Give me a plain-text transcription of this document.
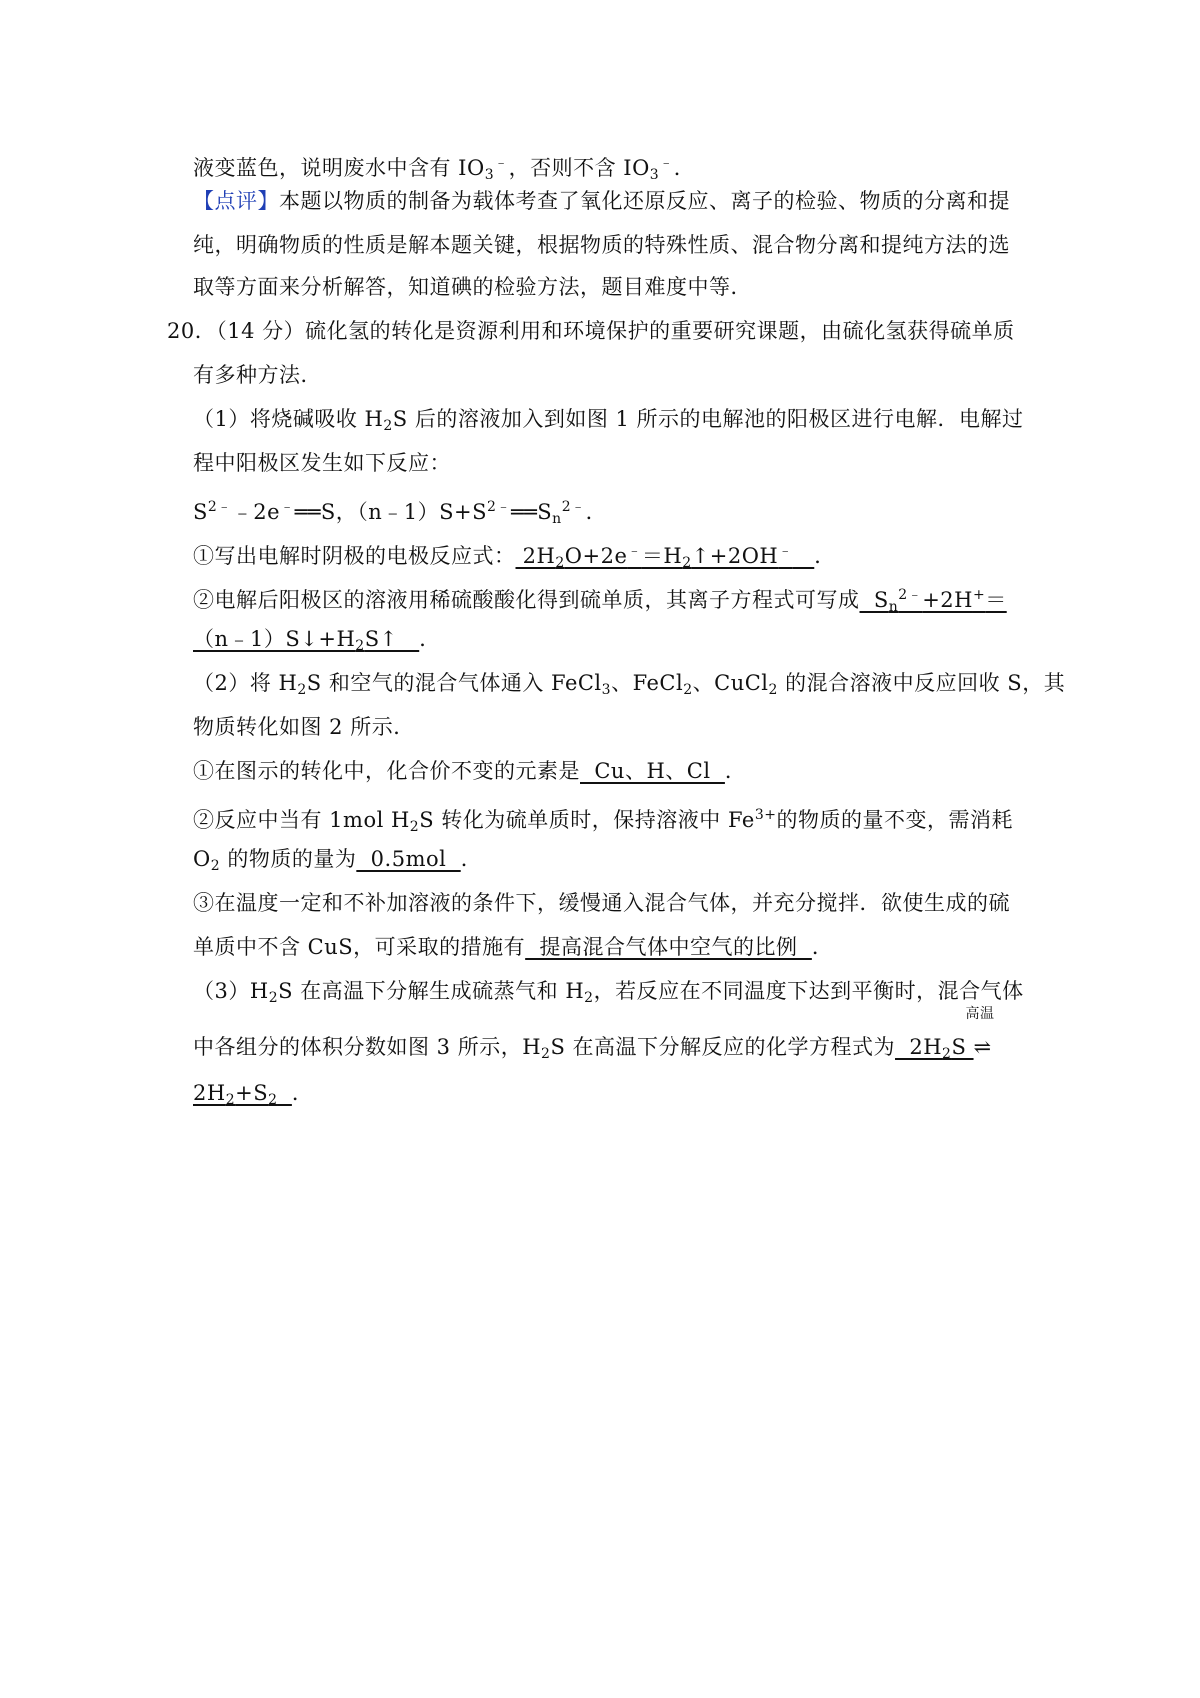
液变蓝色，说明废水中含有 $IO_3^﹣$，否则不含 $IO_3^﹣$．
【点评】本题以物质的制备为载体考查了氧化还原反应、离子的检验、物质的分离和提
纯，明确物质的性质是解本题关键，根据物质的特殊性质、混合物分离和提纯方法的选
取等方面来分析解答，知道碘的检验方法，题目难度中等．
20．（14 分）硫化氢的转化是资源利用和环境保护的重要研究课题，由硫化氢获得硫单质
有多种方法．
（1）将烧碱吸收 $H_2S$ 后的溶液加入到如图 1 所示的电解池的阳极区进行电解．电解过
程中阳极区发生如下反应：
$S^{2﹣}﹣2e^﹣══S$，$(n﹣1)S+S^{2﹣}══S_n^{2﹣}$．
①写出电解时阴极的电极反应式： $2H_2O+2e^﹣=H_2↑+2OH^﹣$ ．
②电解后阳极区的溶液用稀硫酸酸化得到硫单质，其离子方程式可写成  $S_n^{2﹣}+2H^+=$
$(n﹣1)S↓+H_2S↑$   ．
（2）将 $H_2S$ 和空气的混合气体通入 FeCl$_3$、FeCl$_2$、CuCl$_2$ 的混合溶液中反应回收 S，其
物质转化如图 2 所示．
①在图示的转化中，化合价不变的元素是  Cu、H、Cl  ．
②反应中当有 1mol $H_2S$ 转化为硫单质时，保持溶液中 $Fe^{3+}$的物质的量不变，需消耗
$O_2$ 的物质的量为  0.5mol  ．
③在温度一定和不补加溶液的条件下，缓慢通入混合气体，并充分搅拌．欲使生成的硫
单质中不含 CuS，可采取的措施有  提高混合气体中空气的比例  ．
$(3)H_2S$ 在高温下分解生成硫蒸气和 $H_2$，若反应在不同温度下达到平衡时，混合气体
中各组分的体积分数如图 3 所示，$H_2S$ 在高温下分解反应的化学方程式为  $2H_2S$
高温
⇌
$2H_2+S_2$ ．
